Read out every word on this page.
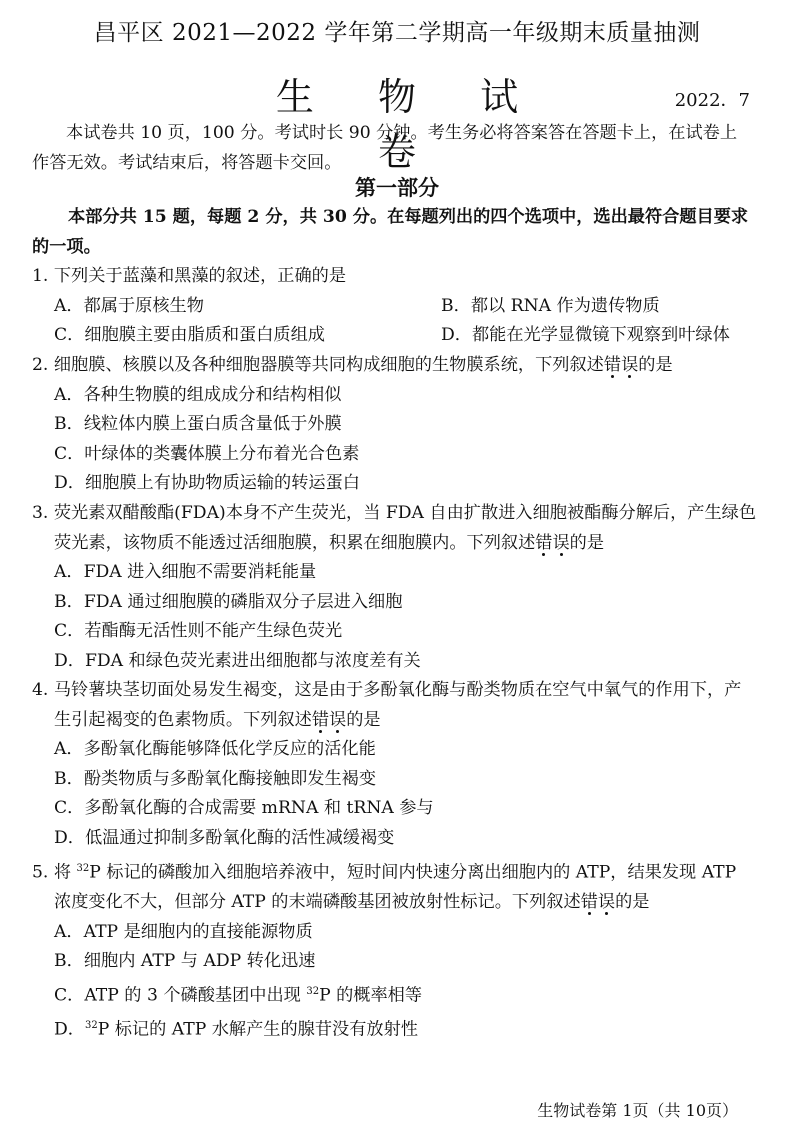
昌平区 2021—2022 学年第二学期高一年级期末质量抽测
生 物 试 卷
2022．7
本试卷共 10 页，100 分。考试时长 90 分钟。考生务必将答案答在答题卡上，在试卷上作答无效。考试结束后，将答题卡交回。
第一部分
本部分共 15 题，每题 2 分，共 30 分。在每题列出的四个选项中，选出最符合题目要求的一项。
1. 下列关于蓝藻和黑藻的叙述，正确的是
A．都属于原核生物	B．都以 RNA 作为遗传物质
C．细胞膜主要由脂质和蛋白质组成	D．都能在光学显微镜下观察到叶绿体
2. 细胞膜、核膜以及各种细胞器膜等共同构成细胞的生物膜系统，下列叙述错误的是
A．各种生物膜的组成成分和结构相似
B．线粒体内膜上蛋白质含量低于外膜
C．叶绿体的类囊体膜上分布着光合色素
D．细胞膜上有协助物质运输的转运蛋白
3. 荧光素双醋酸酯(FDA)本身不产生荧光，当 FDA 自由扩散进入细胞被酯酶分解后，产生绿色荧光素，该物质不能透过活细胞膜，积累在细胞膜内。下列叙述错误的是
A．FDA 进入细胞不需要消耗能量
B．FDA 通过细胞膜的磷脂双分子层进入细胞
C．若酯酶无活性则不能产生绿色荧光
D．FDA 和绿色荧光素进出细胞都与浓度差有关
4. 马铃薯块茎切面处易发生褐变，这是由于多酚氧化酶与酚类物质在空气中氧气的作用下，产生引起褐变的色素物质。下列叙述错误的是
A．多酚氧化酶能够降低化学反应的活化能
B．酚类物质与多酚氧化酶接触即发生褐变
C．多酚氧化酶的合成需要 mRNA 和 tRNA 参与
D．低温通过抑制多酚氧化酶的活性减缓褐变
5. 将 $^{32}$P 标记的磷酸加入细胞培养液中，短时间内快速分离出细胞内的 ATP，结果发现 ATP 浓度变化不大，但部分 ATP 的末端磷酸基团被放射性标记。下列叙述错误的是
A．ATP 是细胞内的直接能源物质
B．细胞内 ATP 与 ADP 转化迅速
C．ATP 的 3 个磷酸基团中出现 $^{32}$P 的概率相等
D．$^{32}$P 标记的 ATP 水解产生的腺苷没有放射性
生物试卷第 1页（共 10页）
